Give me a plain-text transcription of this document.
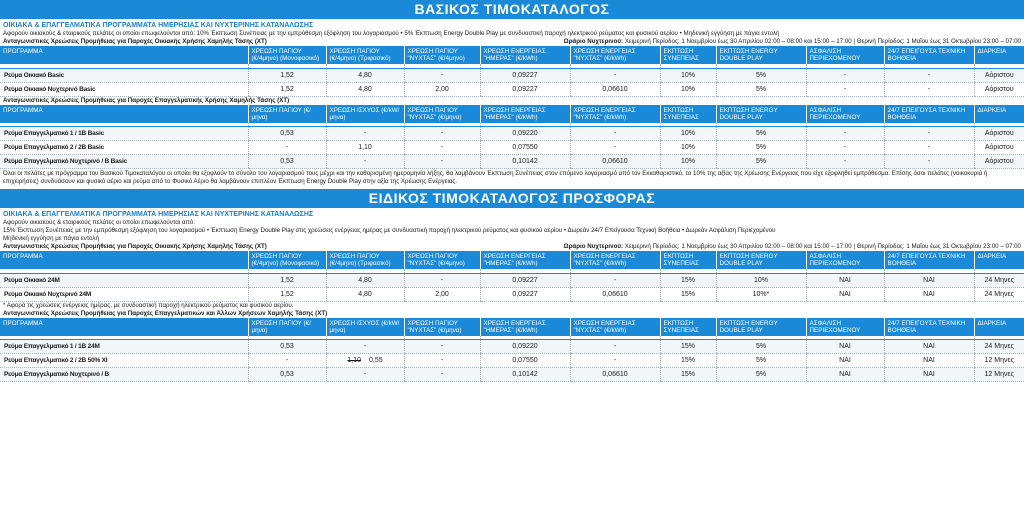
ΒΑΣΙΚΟΣ ΤΙΜΟΚΑΤΑΛΟΓΟΣ
ΟΙΚΙΑΚΑ & ΕΠΑΓΓΕΛΜΑΤΙΚΑ ΠΡΟΓΡΑΜΜΑΤΑ ΗΜΕΡΗΣΙΑΣ ΚΑΙ ΝΥΧΤΕΡΙΝΗΣ ΚΑΤΑΝΑΛΩΣΗΣ
Αφορούν οικιακούς & εταιρικούς πελάτες οι οποίοι επωφελούνται από: 10% Έκπτωση Συνέπειας με την εμπρόθεσμη εξόφληση του λογαριασμού • 5% Έκπτωση Energy Double Play με συνδυαστική παροχή ηλεκτρικού ρεύματος και φυσικού αερίου • Μηδενική εγγύηση με πάγια εντολή
Ανταγωνιστικές Χρεώσεις Προμήθειας για Παροχές Οικιακής Χρήσης Χαμηλής Τάσης (ΧΤ)	Ωράριο Νυχτερινού: Χειμερινή Περίοδος: 1 Νοεμβρίου έως 30 Απριλίου 02:00 – 08:00 και 15:00 – 17:00 | Θερινή Περίοδος: 1 Μαΐου έως 31 Οκτωβρίου 23:00 – 07:00
ΠΡΟΓΡΑΜΜΑ	ΧΡΕΩΣΗ ΠΑΓΙΟΥ (€/4μηνο) (Μονοφασικό)	ΧΡΕΩΣΗ ΠΑΓΙΟΥ (€/4μηνο) (Τριφασικό)	ΧΡΕΩΣΗ ΠΑΓΙΟΥ "ΝΥΧΤΑΣ" (€/4μηνο)	ΧΡΕΩΣΗ ΕΝΕΡΓΕΙΑΣ "ΗΜΕΡΑΣ" (€/kWh)	ΧΡΕΩΣΗ ΕΝΕΡΓΕΙΑΣ "ΝΥΧΤΑΣ" (€/kWh)	ΕΚΠΤΩΣΗ ΣΥΝΕΠΕΙΑΣ	ΕΚΠΤΩΣΗ ENERGY DOUBLE PLAY	ΑΣΦΑΛΙΣΗ ΠΕΡΙΕΧΟΜΕΝΟΥ	24/7 ΕΠΕΙΓΟΥΣΑ ΤΕΧΝΙΚΗ ΒΟΗΘΕΙΑ	ΔΙΑΡΚΕΙΑ

Ρεύμα Οικιακό Basic	1,52	4,80	-	0,09227	-	10%	5%	-	-	Αόριστου
Ρεύμα Οικιακό Νυχτερινό Basic	1,52	4,80	2,00	0,09227	0,06610	10%	5%	-	-	Αόριστου
Ανταγωνιστικές Χρεώσεις Προμήθειας για Παροχές Επαγγελματικής Χρήσης Χαμηλής Τάσης (ΧΤ)
ΠΡΟΓΡΑΜΜΑ	ΧΡΕΩΣΗ ΠΑΓΙΟΥ (€/μηνα)	ΧΡΕΩΣΗ ΙΣΧΥΟΣ (€/kW/μηνα)	ΧΡΕΩΣΗ ΠΑΓΙΟΥ "ΝΥΧΤΑΣ" (€/μηνα)	ΧΡΕΩΣΗ ΕΝΕΡΓΕΙΑΣ "ΗΜΕΡΑΣ" (€/kWh)	ΧΡΕΩΣΗ ΕΝΕΡΓΕΙΑΣ "ΝΥΧΤΑΣ" (€/kWh)	ΕΚΠΤΩΣΗ ΣΥΝΕΠΕΙΑΣ	ΕΚΠΤΩΣΗ ENERGY DOUBLE PLAY	ΑΣΦΑΛΙΣΗ ΠΕΡΙΕΧΟΜΕΝΟΥ	24/7 ΕΠΕΙΓΟΥΣΑ ΤΕΧΝΙΚΗ ΒΟΗΘΕΙΑ	ΔΙΑΡΚΕΙΑ

Ρεύμα Επαγγελματικό 1 / 1Β Basic	0,53	-	-	0,09220	-	10%	5%	-	-	Αόριστου
Ρεύμα Επαγγελματικό 2 / 2Β Basic	-	1,10	-	0,07550	-	10%	5%	-	-	Αόριστου
Ρεύμα Επαγγελματικό Νυχτερινό / Β Basic	0,53	-	-	0,10142	0,06610	10%	5%	-	-	Αόριστου
Όλοι οι πελάτες με πρόγραμμα του Βασικού Τιμοκαταλόγου οι οποίοι θα εξοφλούν το σύνολο του λογαριασμού τους μέχρι και την καθορισμένη ημερομηνία λήξης, θα λαμβάνουν Έκπτωση Συνέπειας στον επόμενο λογαριασμό από τον Εκκαθαριστικό, το 10% της αξίας της Χρέωσης Ενέργειας που είχε εξοφληθεί εμπρόθεσμα. Επίσης όσοι πελάτες (νοικοκυριά ή επιχειρήσεις) συνδυάσουν και φυσικό αέριο και ρεύμα από το Φυσικό Αέριο θα λαμβάνουν επιπλέον Έκπτωση Energy Double Play στην αξία της Χρέωσης Ενέργειας.
ΕΙΔΙΚΟΣ ΤΙΜΟΚΑΤΑΛΟΓΟΣ ΠΡΟΣΦΟΡΑΣ
ΟΙΚΙΑΚΑ & ΕΠΑΓΓΕΛΜΑΤΙΚΑ ΠΡΟΓΡΑΜΜΑΤΑ ΗΜΕΡΗΣΙΑΣ ΚΑΙ ΝΥΧΤΕΡΙΝΗΣ ΚΑΤΑΝΑΛΩΣΗΣ
Αφορούν οικιακούς & εταιρικούς πελάτες οι οποίοι επωφελούνται από:
15% Έκπτωση Συνέπειας με την εμπρόθεσμη εξόφληση του λογαριασμού • Έκπτωση Energy Double Play στις χρεώσεις ενέργειας ημέρας με συνδυαστική παροχή ηλεκτρικού ρεύματος και φυσικού αερίου • Δωρεάν 24/7 Επείγουσα Τεχνική Βοήθεια • Δωρεάν Ασφάλιση Περιεχομένου
Μηδενική εγγύηση με πάγια εντολή
Ανταγωνιστικές Χρεώσεις Προμήθειας για Παροχές Οικιακής Χρήσης Χαμηλής Τάσης (ΧΤ)	Ωράριο Νυχτερινού: Χειμερινή Περίοδος: 1 Νοεμβρίου έως 30 Απριλίου 02:00 – 08:00 και 15:00 – 17:00 | Θερινή Περίοδος: 1 Μαΐου έως 31 Οκτωβρίου 23:00 – 07:00
ΠΡΟΓΡΑΜΜΑ	ΧΡΕΩΣΗ ΠΑΓΙΟΥ (€/4μηνο) (Μονοφασικό)	ΧΡΕΩΣΗ ΠΑΓΙΟΥ (€/4μηνο) (Τριφασικό)	ΧΡΕΩΣΗ ΠΑΓΙΟΥ "ΝΥΧΤΑΣ" (€/4μηνο)	ΧΡΕΩΣΗ ΕΝΕΡΓΕΙΑΣ "ΗΜΕΡΑΣ" (€/kWh)	ΧΡΕΩΣΗ ΕΝΕΡΓΕΙΑΣ "ΝΥΧΤΑΣ" (€/kWh)	ΕΚΠΤΩΣΗ ΣΥΝΕΠΕΙΑΣ	ΕΚΠΤΩΣΗ ENERGY DOUBLE PLAY	ΑΣΦΑΛΙΣΗ ΠΕΡΙΕΧΟΜΕΝΟΥ	24/7 ΕΠΕΙΓΟΥΣΑ ΤΕΧΝΙΚΗ ΒΟΗΘΕΙΑ	ΔΙΑΡΚΕΙΑ

Ρεύμα Οικιακό 24Μ	1,52	4,80	-	0,09227	-	15%	10%	ΝΑΙ	ΝΑΙ	24 Μηνες
Ρεύμα Οικιακό Νυχτερινό 24Μ	1,52	4,80	2,00	0,09227	0,06610	15%	10%*	ΝΑΙ	ΝΑΙ	24 Μηνες
* Αφορά τις χρεώσεις ενέργειας ημέρας, με συνδυαστική παροχή ηλεκτρικού ρεύματος και φυσικού αερίου.
Ανταγωνιστικές Χρεώσεις Προμήθειας για Παροχές Επαγγελματικών και Άλλων Χρήσεων Χαμηλής Τάσης (ΧΤ)
ΠΡΟΓΡΑΜΜΑ	ΧΡΕΩΣΗ ΠΑΓΙΟΥ (€/μηνα)	ΧΡΕΩΣΗ ΙΣΧΥΟΣ (€/kW/μηνα)	ΧΡΕΩΣΗ ΠΑΓΙΟΥ "ΝΥΧΤΑΣ" (€/μηνα)	ΧΡΕΩΣΗ ΕΝΕΡΓΕΙΑΣ "ΗΜΕΡΑΣ" (€/kWh)	ΧΡΕΩΣΗ ΕΝΕΡΓΕΙΑΣ "ΝΥΧΤΑΣ" (€/kWh)	ΕΚΠΤΩΣΗ ΣΥΝΕΠΕΙΑΣ	ΕΚΠΤΩΣΗ ENERGY DOUBLE PLAY	ΑΣΦΑΛΙΣΗ ΠΕΡΙΕΧΟΜΕΝΟΥ	24/7 ΕΠΕΙΓΟΥΣΑ ΤΕΧΝΙΚΗ ΒΟΗΘΕΙΑ	ΔΙΑΡΚΕΙΑ

Ρεύμα Επαγγελματικό 1 / 1Β 24Μ	0,53	-	-	0,09220	-	15%	5%	ΝΑΙ	ΝΑΙ	24 Μηνες
Ρεύμα Επαγγελματικό 2 / 2Β 50% ΧΙ	-	1,10 0,55	-	0,07550	-	15%	5%	ΝΑΙ	ΝΑΙ	12 Μηνες
Ρεύμα Επαγγελματικό Νυχτερινό / Β	0,53	-	-	0,10142	0,06610	15%	5%	ΝΑΙ	ΝΑΙ	12 Μηνες
